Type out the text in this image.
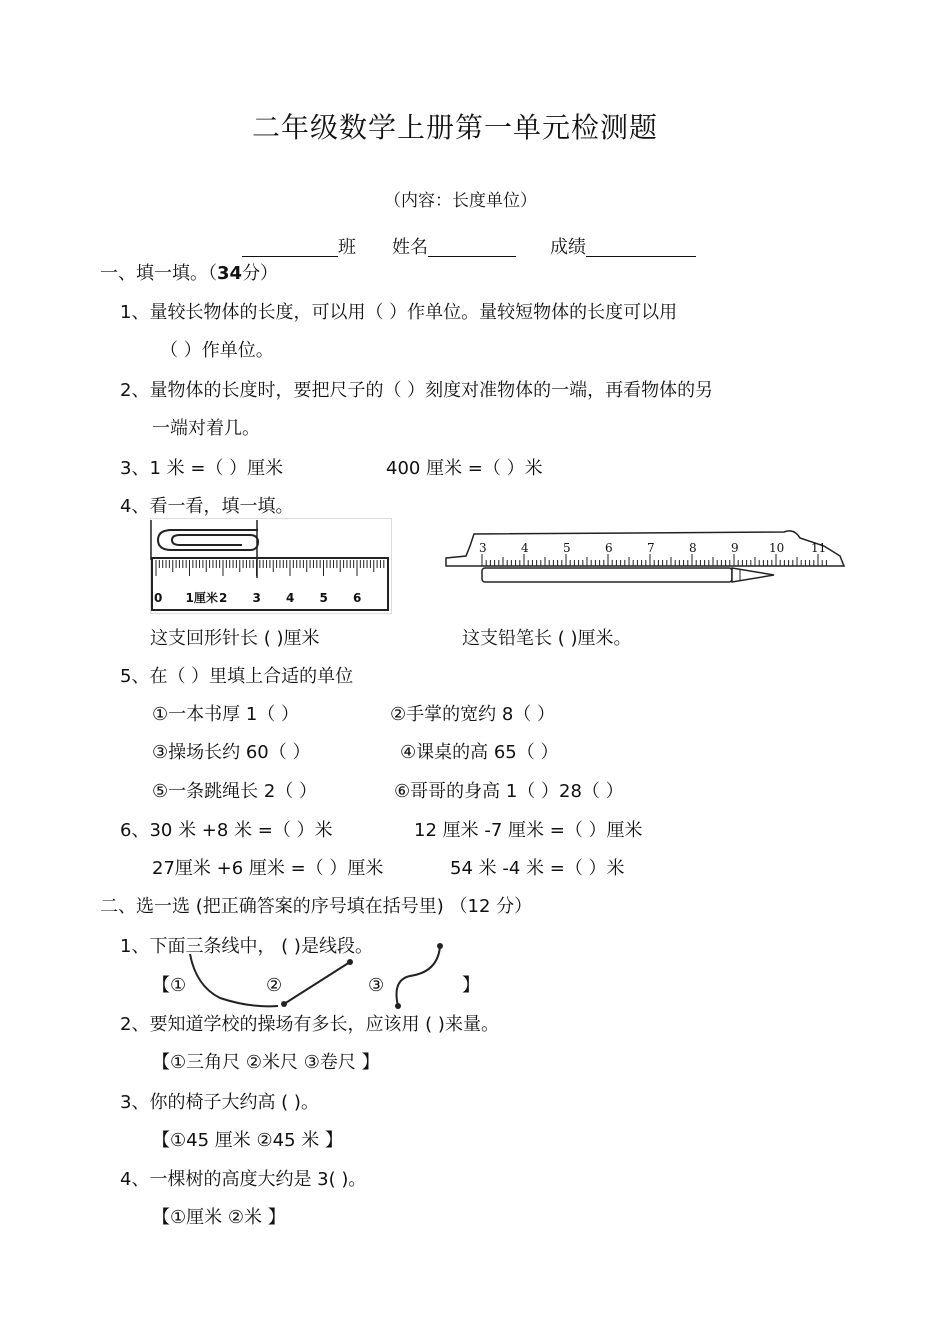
二年级数学上册第一单元检测题
（内容：长度单位）
班 姓名	成绩
一、填一填。（34分）
1、量较长物体的长度，可以用（ ）作单位。量较短物体的长度可以用
（ ）作单位。
2、量物体的长度时，要把尺子的（ ）刻度对准物体的一端，再看物体的另
一端对着几。
3、1 米 =（ ）厘米	400 厘米 =（ ）米
4、看一看，填一填。
0 1厘米 2 3 4 5 6
3	4	5	6	7	8	9	10 11
这支回形针长 ( )厘米	这支铅笔长 ( )厘米。
5、在（ ）里填上合适的单位
①一本书厚 1（ ）	②手掌的宽约 8（ ）
③操场长约 60（ ）	④课桌的高 65（ ）
⑤一条跳绳长 2（ ）	⑥哥哥的身高 1（ ）28（ ）
6、30 米 +8 米 =（ ）米	12 厘米 -7 厘米 =（ ）厘米
27厘米 +6 厘米 =（ ）厘米	54 米 -4 米 =（ ）米
二、选一选 (把正确答案的序号填在括号里) （12 分）
1、下面三条线中， ( )是线段。
【①	②	③	】
2、要知道学校的操场有多长，应该用 ( )来量。
【①三角尺 ②米尺 ③卷尺 】
3、你的椅子大约高 ( )。
【①45 厘米 ②45 米 】
4、一棵树的高度大约是 3( )。
【①厘米 ②米 】
